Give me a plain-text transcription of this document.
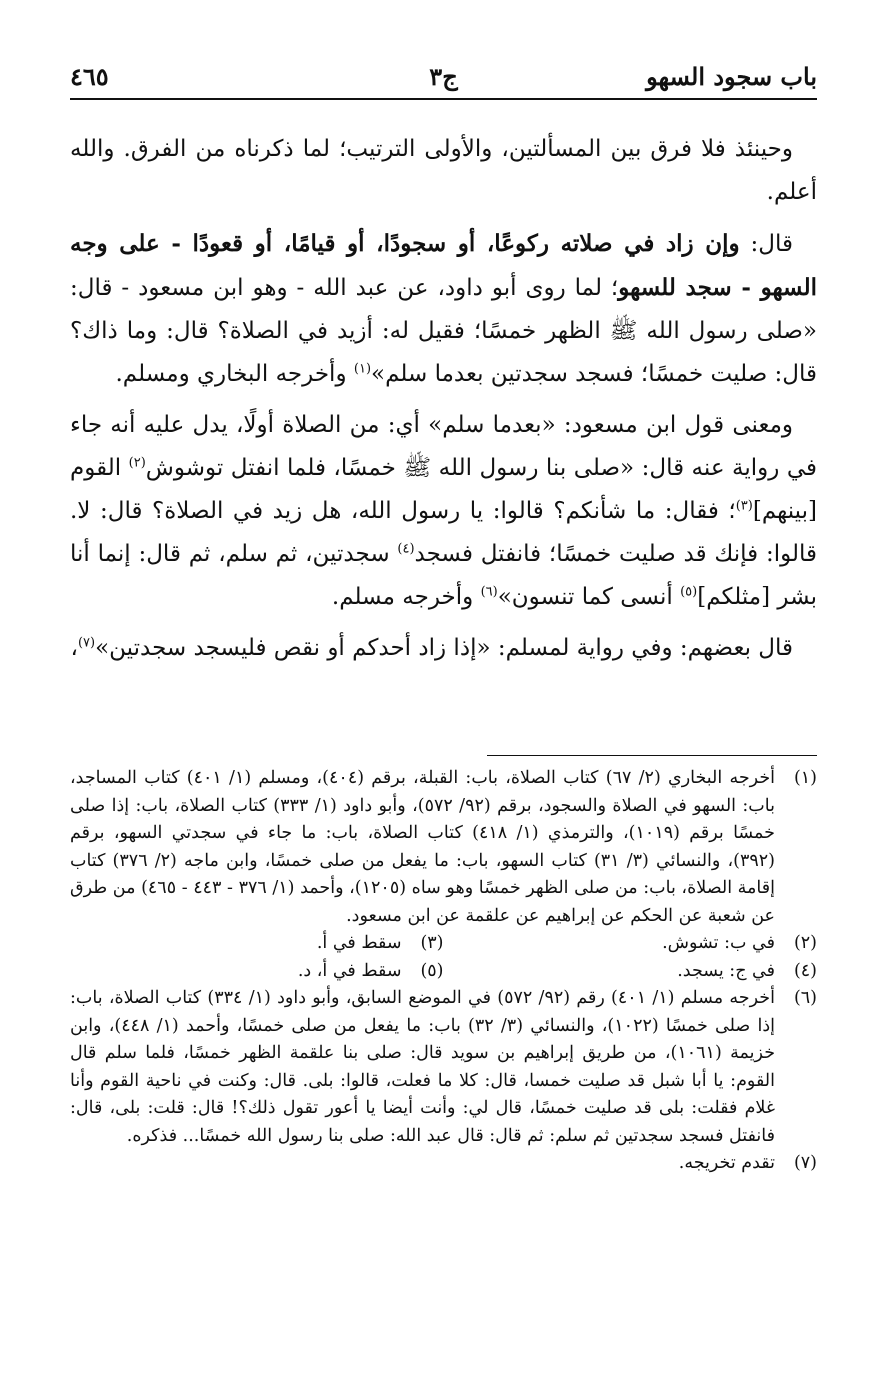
باب سجود السهو
ج٣
٤٦٥

وحينئذ فلا فرق بين المسألتين، والأولى الترتيب؛ لما ذكرناه من الفرق. والله أعلم.

قال: وإن زاد في صلاته ركوعًا، أو سجودًا، أو قيامًا، أو قعودًا - على وجه السهو - سجد للسهو؛ لما روى أبو داود، عن عبد الله - وهو ابن مسعود - قال: «صلى رسول الله ﷺ الظهر خمسًا؛ فقيل له: أزيد في الصلاة؟ قال: وما ذاك؟ قال: صليت خمسًا؛ فسجد سجدتين بعدما سلم»$^{(١)}$ وأخرجه البخاري ومسلم.

ومعنى قول ابن مسعود: «بعدما سلم» أي: من الصلاة أولًا، يدل عليه أنه جاء في رواية عنه قال: «صلى بنا رسول الله ﷺ خمسًا، فلما انفتل توشوش$^{(٢)}$ القوم [بينهم]$^{(٣)}$؛ فقال: ما شأنكم؟ قالوا: يا رسول الله، هل زيد في الصلاة؟ قال: لا. قالوا: فإنك قد صليت خمسًا؛ فانفتل فسجد$^{(٤)}$ سجدتين، ثم سلم، ثم قال: إنما أنا بشر [مثلكم]$^{(٥)}$ أنسى كما تنسون»$^{(٦)}$ وأخرجه مسلم.

قال بعضهم: وفي رواية لمسلم: «إذا زاد أحدكم أو نقص فليسجد سجدتين»$^{(٧)}$،

(١)
أخرجه البخاري (٢/ ٦٧) كتاب الصلاة، باب: القبلة، برقم (٤٠٤)، ومسلم (١/ ٤٠١) كتاب المساجد، باب: السهو في الصلاة والسجود، برقم (٩٢/ ٥٧٢)، وأبو داود (١/ ٣٣٣) كتاب الصلاة، باب: إذا صلى خمسًا برقم (١٠١٩)، والترمذي (١/ ٤١٨) كتاب الصلاة، باب: ما جاء في سجدتي السهو، برقم (٣٩٢)، والنسائي (٣/ ٣١) كتاب السهو، باب: ما يفعل من صلى خمسًا، وابن ماجه (٢/ ٣٧٦) كتاب إقامة الصلاة، باب: من صلى الظهر خمسًا وهو ساه (١٢٠٥)، وأحمد (١/ ٣٧٦ - ٤٤٣ - ٤٦٥) من طرق عن شعبة عن الحكم عن إبراهيم عن علقمة عن ابن مسعود.
(٢)
في ب: تشوش.
(٣)
سقط في أ.
(٤)
في ج: يسجد.
(٥)
سقط في أ، د.
(٦)
أخرجه مسلم (١/ ٤٠١) رقم (٩٢/ ٥٧٢) في الموضع السابق، وأبو داود (١/ ٣٣٤) كتاب الصلاة، باب: إذا صلى خمسًا (١٠٢٢)، والنسائي (٣/ ٣٢) باب: ما يفعل من صلى خمسًا، وأحمد (١/ ٤٤٨)، وابن خزيمة (١٠٦١)، من طريق إبراهيم بن سويد قال: صلى بنا علقمة الظهر خمسًا، فلما سلم قال القوم: يا أبا شبل قد صليت خمسا، قال: كلا ما فعلت، قالوا: بلى. قال: وكنت في ناحية القوم وأنا غلام فقلت: بلى قد صليت خمسًا، قال لي: وأنت أيضا يا أعور تقول ذلك؟! قال: قلت: بلى، قال: فانفتل فسجد سجدتين ثم سلم: ثم قال: قال عبد الله: صلى بنا رسول الله خمسًا... فذكره.
(٧)
تقدم تخريجه.
